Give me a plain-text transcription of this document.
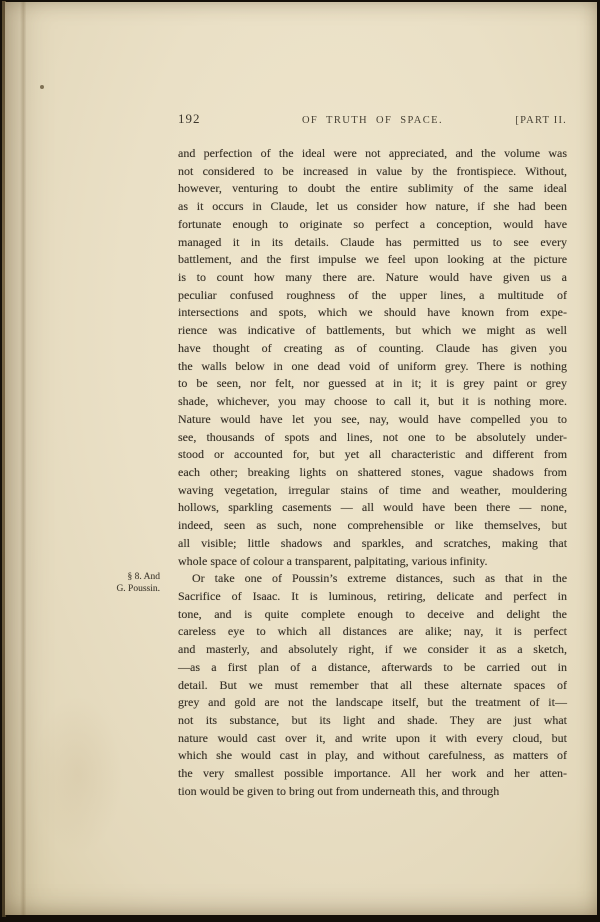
192	OF TRUTH OF SPACE.	[PART II.
§ 8. And
G. Poussin.
and perfection of the ideal were not appreciated, and the volume was
not considered to be increased in value by the frontispiece. Without,
however, venturing to doubt the entire sublimity of the same ideal
as it occurs in Claude, let us consider how nature, if she had been
fortunate enough to originate so perfect a conception, would have
managed it in its details. Claude has permitted us to see every
battlement, and the first impulse we feel upon looking at the picture
is to count how many there are. Nature would have given us a
peculiar confused roughness of the upper lines, a multitude of
intersections and spots, which we should have known from expe-
rience was indicative of battlements, but which we might as well
have thought of creating as of counting. Claude has given you
the walls below in one dead void of uniform grey. There is nothing
to be seen, nor felt, nor guessed at in it; it is grey paint or grey
shade, whichever, you may choose to call it, but it is nothing more.
Nature would have let you see, nay, would have compelled you to
see, thousands of spots and lines, not one to be absolutely under-
stood or accounted for, but yet all characteristic and different from
each other; breaking lights on shattered stones, vague shadows from
waving vegetation, irregular stains of time and weather, mouldering
hollows, sparkling casements — all would have been there — none,
indeed, seen as such, none comprehensible or like themselves, but
all visible; little shadows and sparkles, and scratches, making that
whole space of colour a transparent, palpitating, various infinity.
Or take one of Poussin’s extreme distances, such as that in the
Sacrifice of Isaac. It is luminous, retiring, delicate and perfect in
tone, and is quite complete enough to deceive and delight the
careless eye to which all distances are alike; nay, it is perfect
and masterly, and absolutely right, if we consider it as a sketch,
—as a first plan of a distance, afterwards to be carried out in
detail. But we must remember that all these alternate spaces of
grey and gold are not the landscape itself, but the treatment of it—
not its substance, but its light and shade. They are just what
nature would cast over it, and write upon it with every cloud, but
which she would cast in play, and without carefulness, as matters of
the very smallest possible importance. All her work and her atten-
tion would be given to bring out from underneath this, and through
